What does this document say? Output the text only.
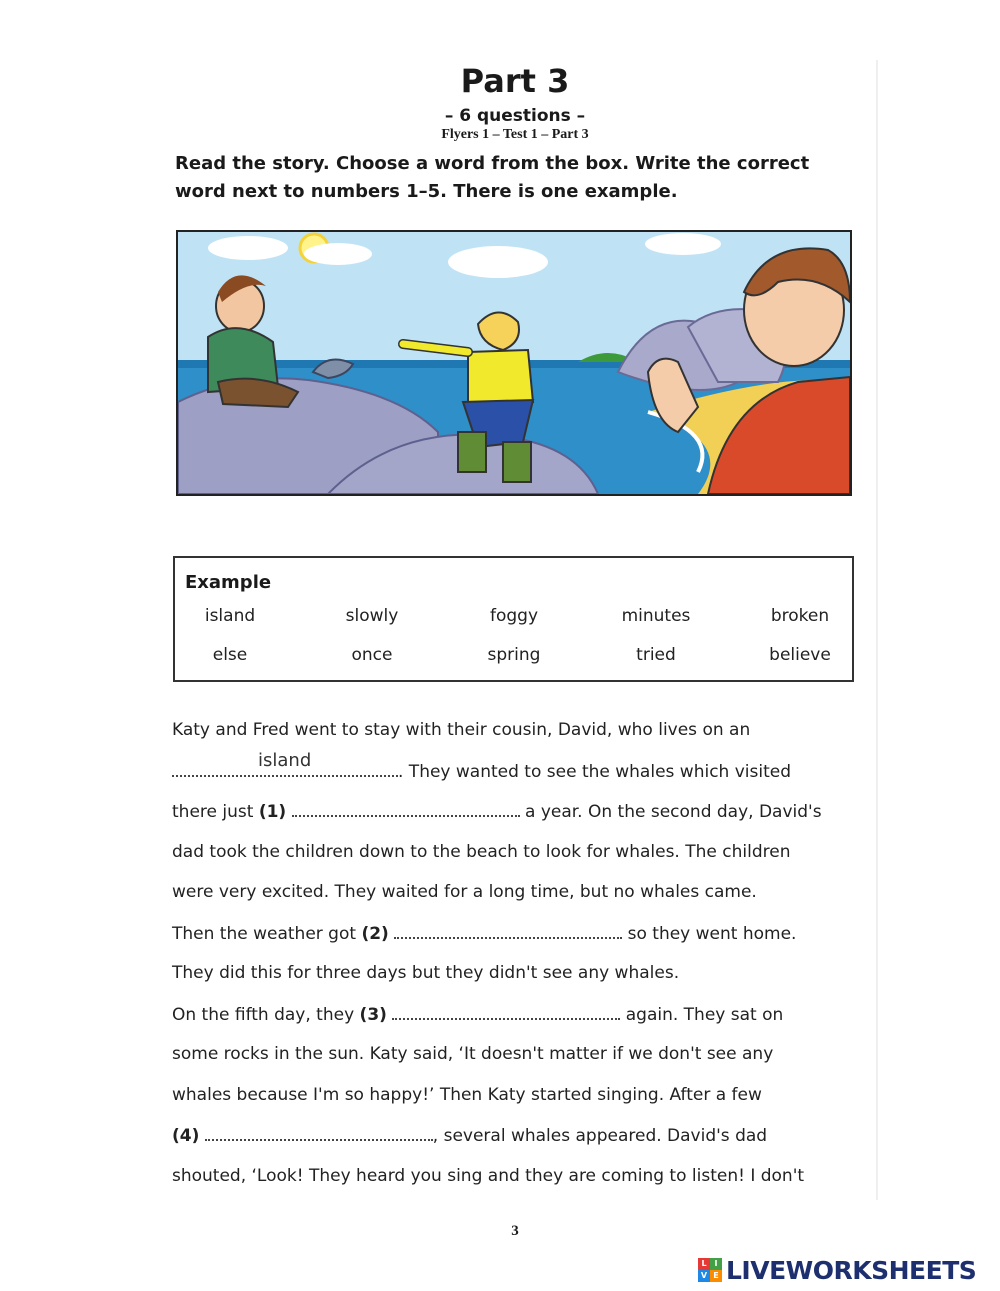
Part 3
– 6 questions –
Flyers 1 – Test 1 – Part 3
Read the story. Choose a word from the box. Write the correct word next to numbers 1–5. There is one example.
Example
island	slowly	foggy	minutes	broken
else	once	spring	tried	believe
Katy and Fred went to stay with their cousin, David, who lives on an
island
. They wanted to see the whales which visited
there just (1)	a year. On the second day, David's
dad took the children down to the beach to look for whales. The children
were very excited. They waited for a long time, but no whales came.
Then the weather got (2)	so they went home.
They did this for three days but they didn't see any whales.
On the fifth day, they (3)	again. They sat on
some rocks in the sun. Katy said, ‘It doesn't matter if we don't see any
whales because I'm so happy!’ Then Katy started singing. After a few
(4)	, several whales appeared. David's dad
shouted, ‘Look! They heard you sing and they are coming to listen! I don't
3
L I
V E LIVEWORKSHEETS
